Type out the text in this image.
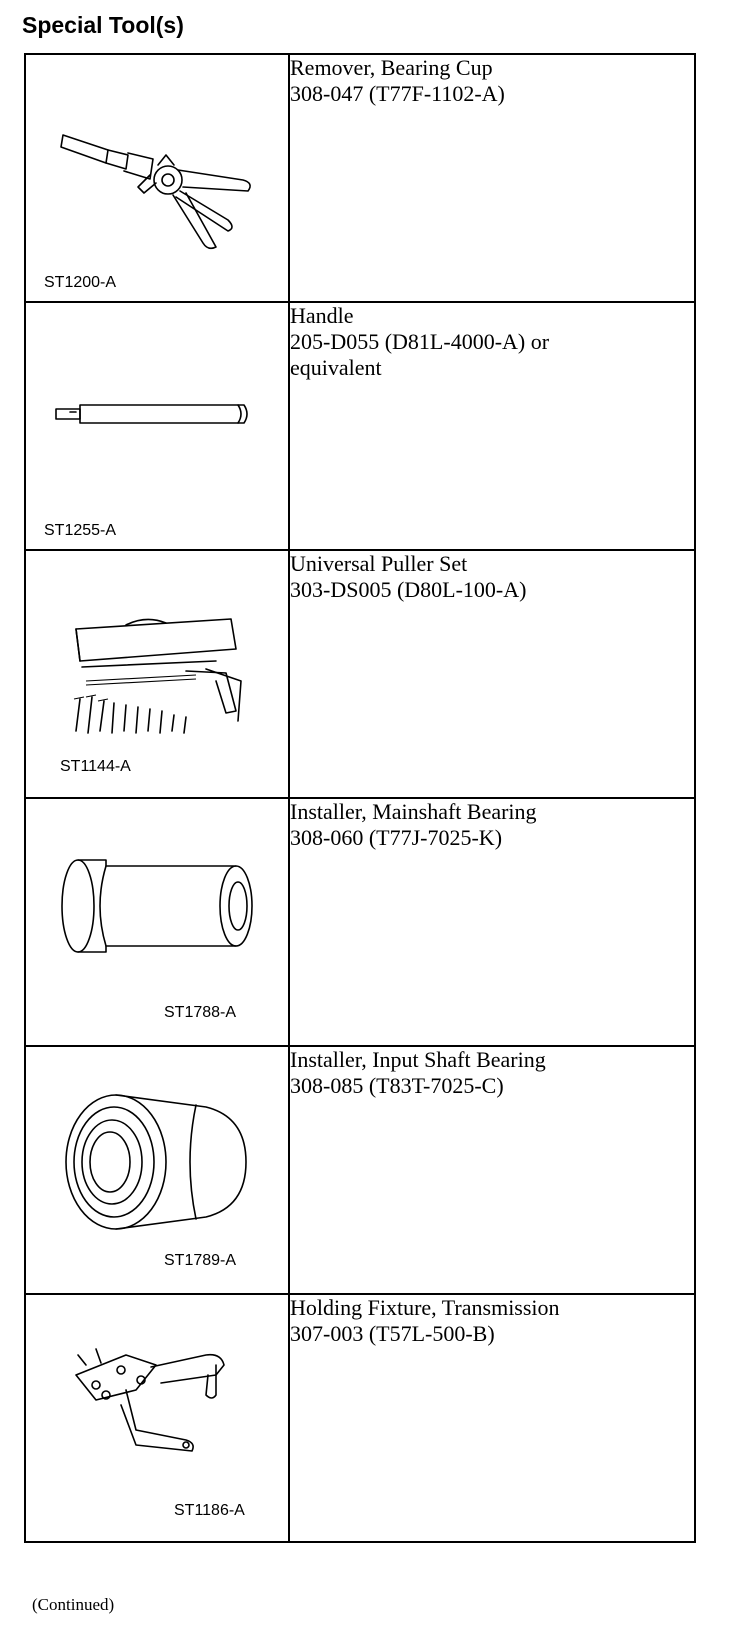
Special Tool(s)
ST1200-A	Remover, Bearing Cup
308-047 (T77F-1102-A)

ST1255-A	Handle
205-D055 (D81L-4000-A) or
equivalent

ST1144-A	Universal Puller Set
303-DS005 (D80L-100-A)

ST1788-A	Installer, Mainshaft Bearing
308-060 (T77J-7025-K)

ST1789-A	Installer, Input Shaft Bearing
308-085 (T83T-7025-C)

ST1186-A	Holding Fixture, Transmission
307-003 (T57L-500-B)
(Continued)
